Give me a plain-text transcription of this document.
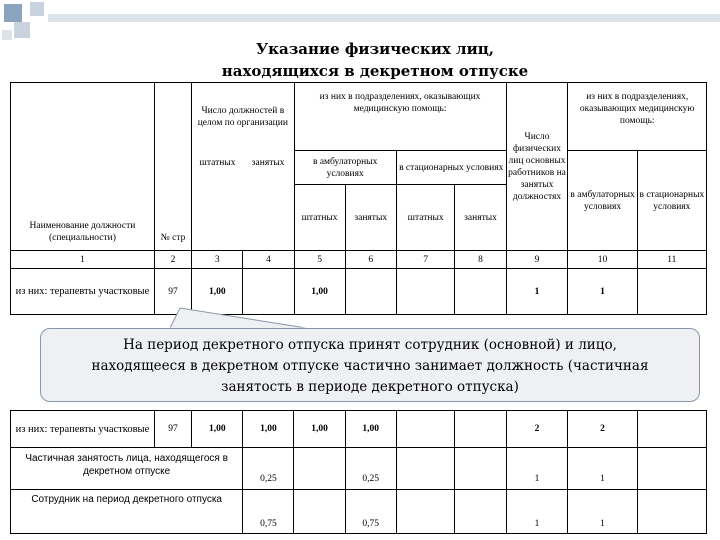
Указание физических лиц,
находящихся в декретном отпуске
Наименование должности (специальности)	№ стр	Число должностей в целом по организации	из них в подразделениях, оказывающих медицинскую помощь:	Число физических лиц основных работников на занятых должностях	из них в подразделениях, оказывающих медицинскую помощь:

штатных	занятых
		в амбулаторных условиях	в стационарных условиях	в амбулаторных условиях	в стационарных условиях
штатных	занятых	штатных	занятых
1	2	3	4	5	6	7	8	9	10	11
из них: терапевты участковые	97	1,00		1,00				1	1	
На период декретного отпуска принят сотрудник (основной) и лицо,
находящееся в декретном отпуске частично занимает должность (частичная
занятость в периоде декретного отпуска)
из них: терапевты участковые	97	1,00	1,00	1,00	1,00			2	2	
Частичная занятость лица, находящегося в декретном отпуске			0,25		0,25			1	1	
Сотрудник на период декретного отпуска			0,75		0,75			1	1	
